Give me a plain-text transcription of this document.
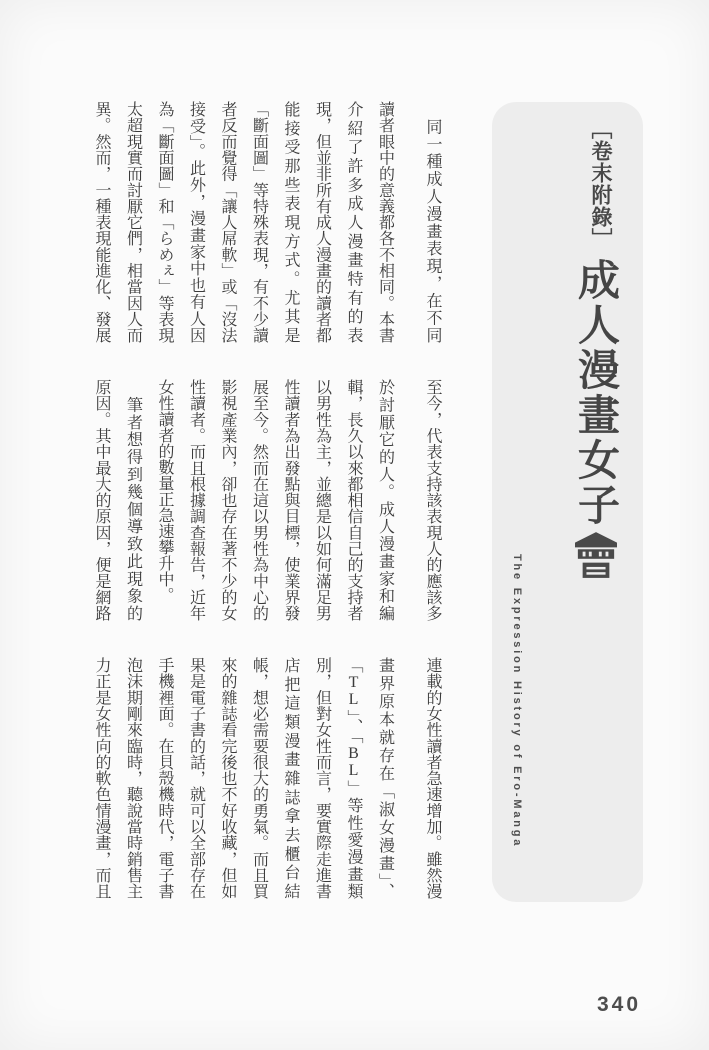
［卷末附錄］
成人漫畫女子
The Expression History of Ero-Manga

　同一種成人漫畫表現，在不同

讀者眼中的意義都各不相同。本書

介紹了許多成人漫畫特有的表

現，但並非所有成人漫畫的讀者都

能接受那些表現方式。尤其是

「斷面圖」等特殊表現，有不少讀

者反而覺得「讓人屌軟」或「沒法

接受」。此外，漫畫家中也有人因

為「斷面圖」和「らめぇ」等表現

太超現實而討厭它們，相當因人而

異。然而，一種表現能進化、發展

至今，代表支持該表現人的應該多

於討厭它的人。成人漫畫家和編

輯，長久以來都相信自己的支持者

以男性為主，並總是以如何滿足男

性讀者為出發點與目標，使業界發

展至今。然而在這以男性為中心的

影視產業內，卻也存在著不少的女

性讀者。而且根據調查報告，近年

女性讀者的數量正急速攀升中。

　筆者想得到幾個導致此現象的

原因。其中最大的原因，便是網路

連載的女性讀者急速增加。雖然漫

畫界原本就存在「淑女漫畫」、

「TL」、「BL」等性愛漫畫類

別，但對女性而言，要實際走進書

店把這類漫畫雜誌拿去櫃台結

帳，想必需要很大的勇氣。而且買

來的雜誌看完後也不好收藏，但如

果是電子書的話，就可以全部存在

手機裡面。在貝殼機時代，電子書

泡沫期剛來臨時，聽說當時銷售主

力正是女性向的軟色情漫畫，而且

340
